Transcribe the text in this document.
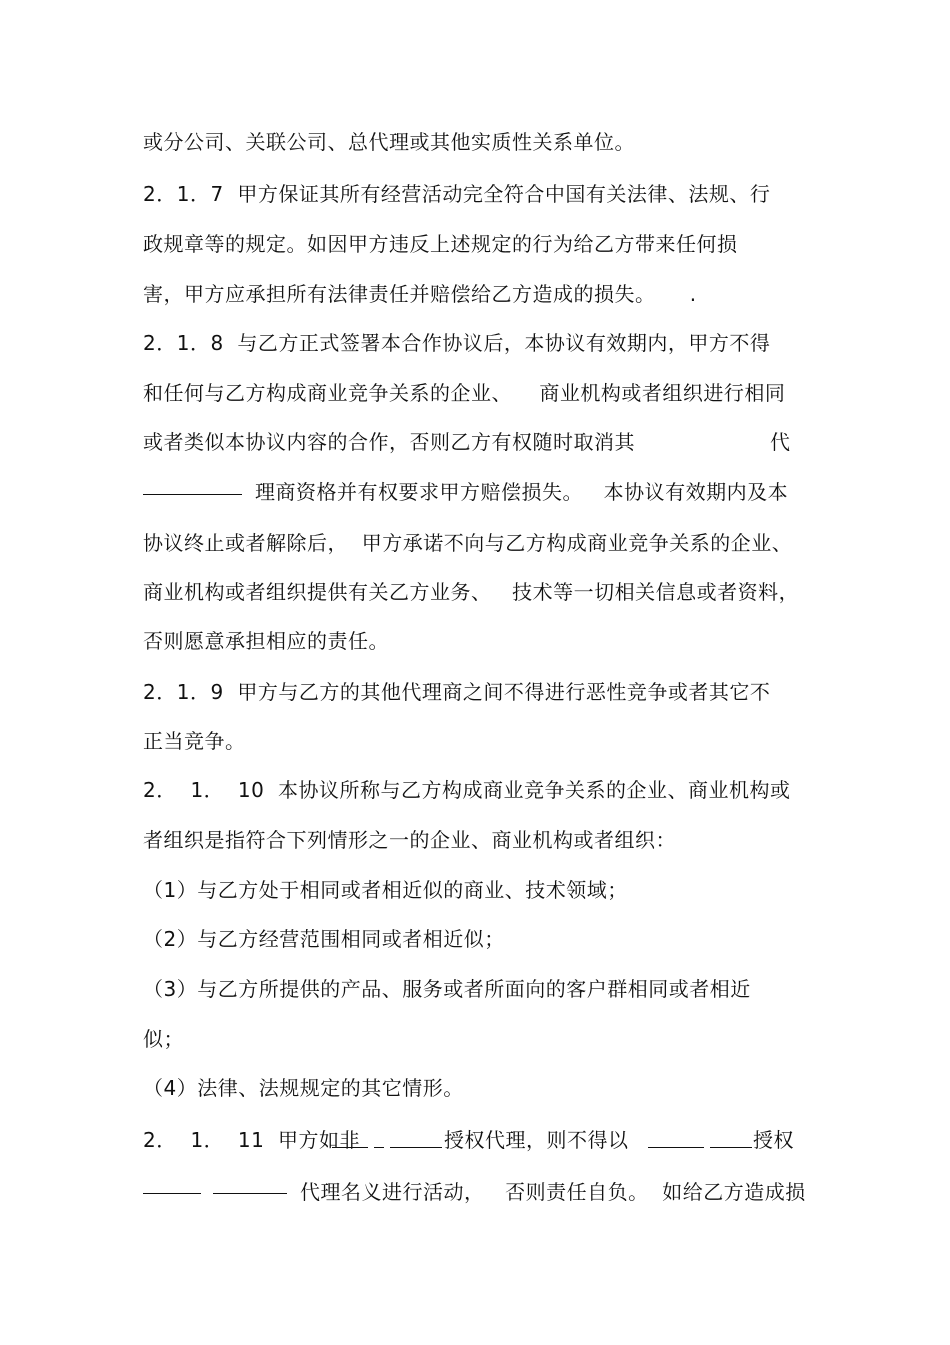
或分公司、关联公司、总代理或其他实质性关系单位。
2．1．7  甲方保证其所有经营活动完全符合中国有关法律、法规、行
政规章等的规定。如因甲方违反上述规定的行为给乙方带来任何损
害，甲方应承担所有法律责任并赔偿给乙方造成的损失。     .
2．1．8  与乙方正式签署本合作协议后，本协议有效期内，甲方不得
和任何与乙方构成商业竞争关系的企业、    商业机构或者组织进行相同
或者类似本协议内容的合作，否则乙方有权随时取消其	代
理商资格并有权要求甲方赔偿损失。   本协议有效期内及本
协议终止或者解除后，  甲方承诺不向与乙方构成商业竞争关系的企业、
商业机构或者组织提供有关乙方业务、   技术等一切相关信息或者资料，
否则愿意承担相应的责任。
2．1．9  甲方与乙方的其他代理商之间不得进行恶性竞争或者其它不
正当竞争。
2．  1．  10  本协议所称与乙方构成商业竞争关系的企业、商业机构或
者组织是指符合下列情形之一的企业、商业机构或者组织：
（1）与乙方处于相同或者相近似的商业、技术领域；
（2）与乙方经营范围相同或者相近似；
（3）与乙方所提供的产品、服务或者所面向的客户群相同或者相近
似；
（4）法律、法规规定的其它情形。
2．  1．  11  甲方如非	授权代理，则不得以	授权
代理名义进行活动，   否则责任自负。  如给乙方造成损
